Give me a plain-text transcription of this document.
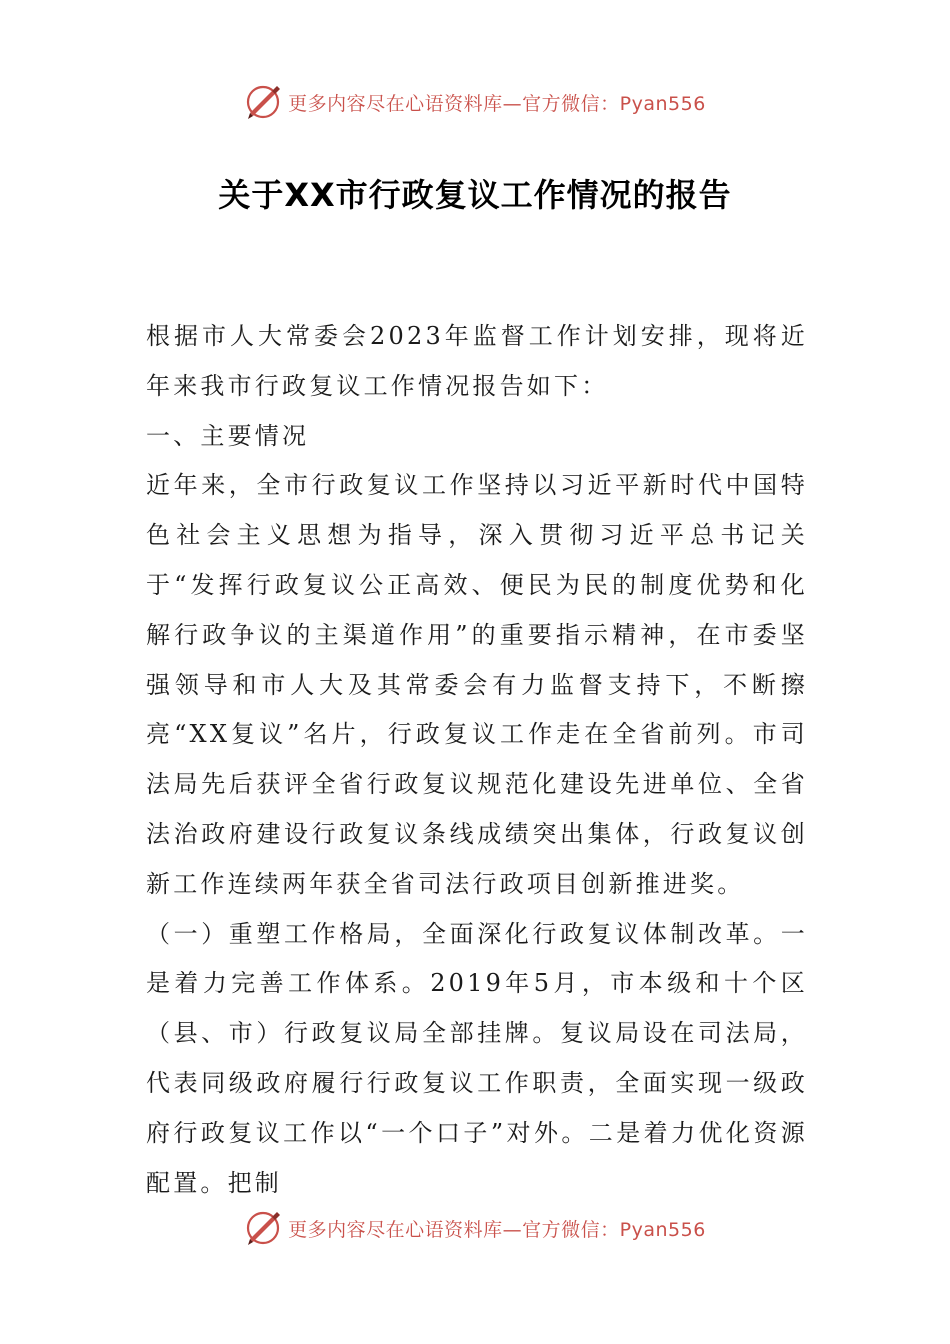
更多内容尽在心语资料库—官方微信：Pyan556
关于XX市行政复议工作情况的报告

根据市人大常委会2023年监督工作计划安排，现将近年来我市行政复议工作情况报告如下：

一、主要情况

近年来，全市行政复议工作坚持以习近平新时代中国特色社会主义思想为指导，深入贯彻习近平总书记关于“发挥行政复议公正高效、便民为民的制度优势和化解行政争议的主渠道作用”的重要指示精神，在市委坚强领导和市人大及其常委会有力监督支持下，不断擦亮“XX复议”名片，行政复议工作走在全省前列。市司法局先后获评全省行政复议规范化建设先进单位、全省法治政府建设行政复议条线成绩突出集体，行政复议创新工作连续两年获全省司法行政项目创新推进奖。

（一）重塑工作格局，全面深化行政复议体制改革。一是着力完善工作体系。2019年5月，市本级和十个区（县、市）行政复议局全部挂牌。复议局设在司法局，代表同级政府履行行政复议工作职责，全面实现一级政府行政复议工作以“一个口子”对外。二是着力优化资源配置。把制

更多内容尽在心语资料库—官方微信：Pyan556
